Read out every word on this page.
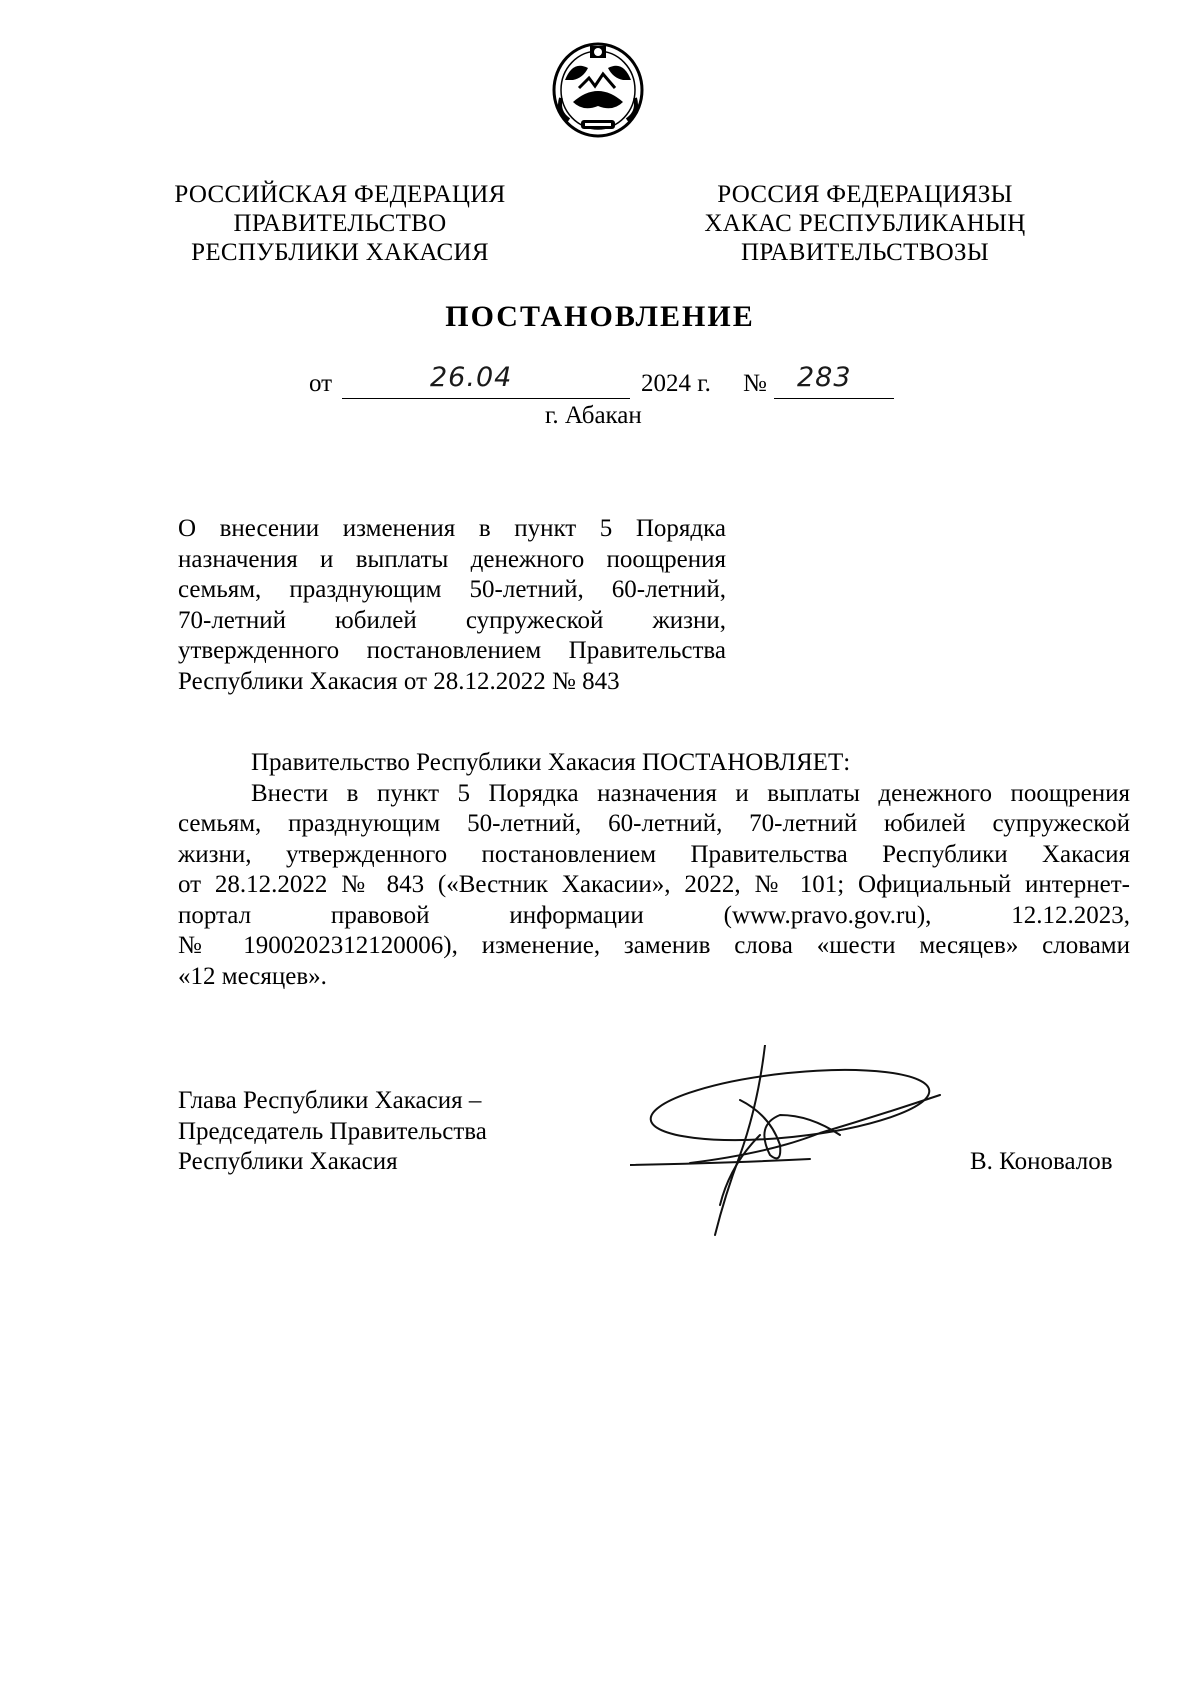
РОССИЙСКАЯ ФЕДЕРАЦИЯ
ПРАВИТЕЛЬСТВО
РЕСПУБЛИКИ ХАКАСИЯ
РОССИЯ ФЕДЕРАЦИЯЗЫ
ХАКАС РЕСПУБЛИКАНЫҢ
ПРАВИТЕЛЬСТВОЗЫ
ПОСТАНОВЛЕНИЕ
от	26.04	2024 г. № 283
г. Абакан
О внесении изменения в пункт 5 Порядка
назначения и выплаты денежного поощрения
семьям, празднующим 50-летний, 60-летний,
70-летний юбилей супружеской жизни,
утвержденного постановлением Правительства
Республики Хакасия от 28.12.2022 № 843
Правительство Республики Хакасия ПОСТАНОВЛЯЕТ:
Внести в пункт 5 Порядка назначения и выплаты денежного поощрения
семьям, празднующим 50-летний, 60-летний, 70-летний юбилей супружеской
жизни, утвержденного постановлением Правительства Республики Хакасия
от 28.12.2022 № 843 («Вестник Хакасии», 2022, № 101; Официальный интернет-
портал правовой информации (www.pravo.gov.ru), 12.12.2023,
№ 1900202312120006), изменение, заменив слова «шести месяцев» словами
«12 месяцев».
Глава Республики Хакасия –
Председатель Правительства
Республики Хакасия	В. Коновалов
